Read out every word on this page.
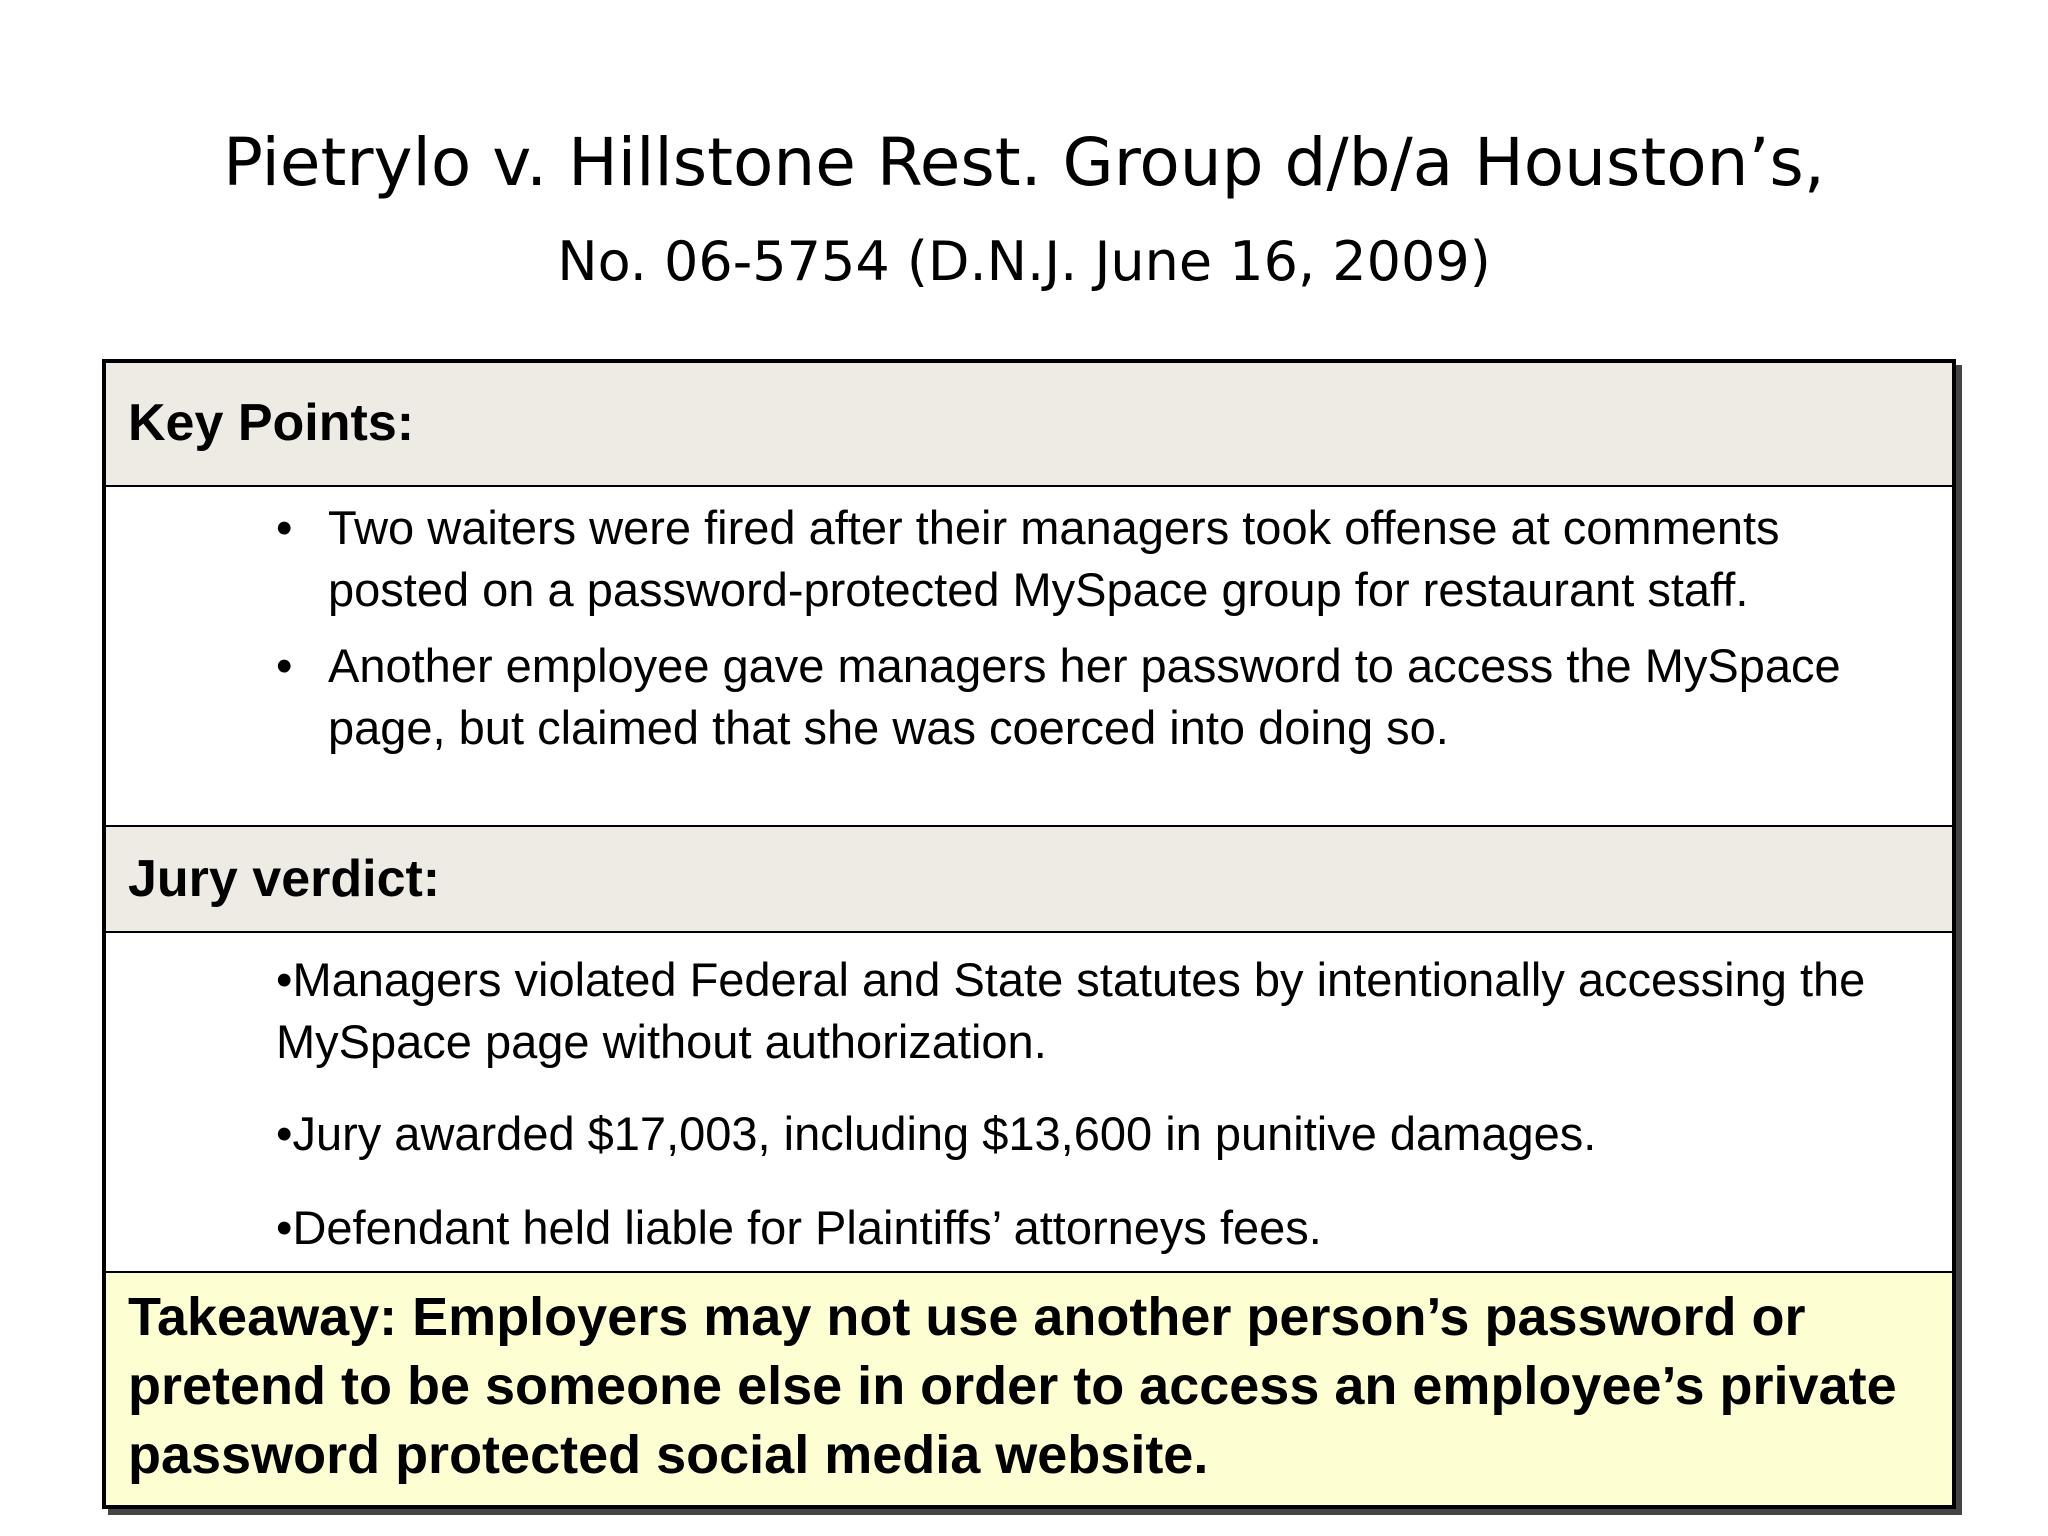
Pietrylo v. Hillstone Rest. Group d/b/a Houston’s,
No. 06-5754 (D.N.J. June 16, 2009)
Key Points:
• Two waiters were fired after their managers took offense at comments posted on a password-protected MySpace group for restaurant staff.
• Another employee gave managers her password to access the MySpace page, but claimed that she was coerced into doing so.
Jury verdict:
•Managers violated Federal and State statutes by intentionally accessing the MySpace page without authorization.
•Jury awarded $17,003, including $13,600 in punitive damages.
•Defendant held liable for Plaintiffs’ attorneys fees.
Takeaway: Employers may not use another person’s password or pretend to be someone else in order to access an employee’s private password protected social media website.
